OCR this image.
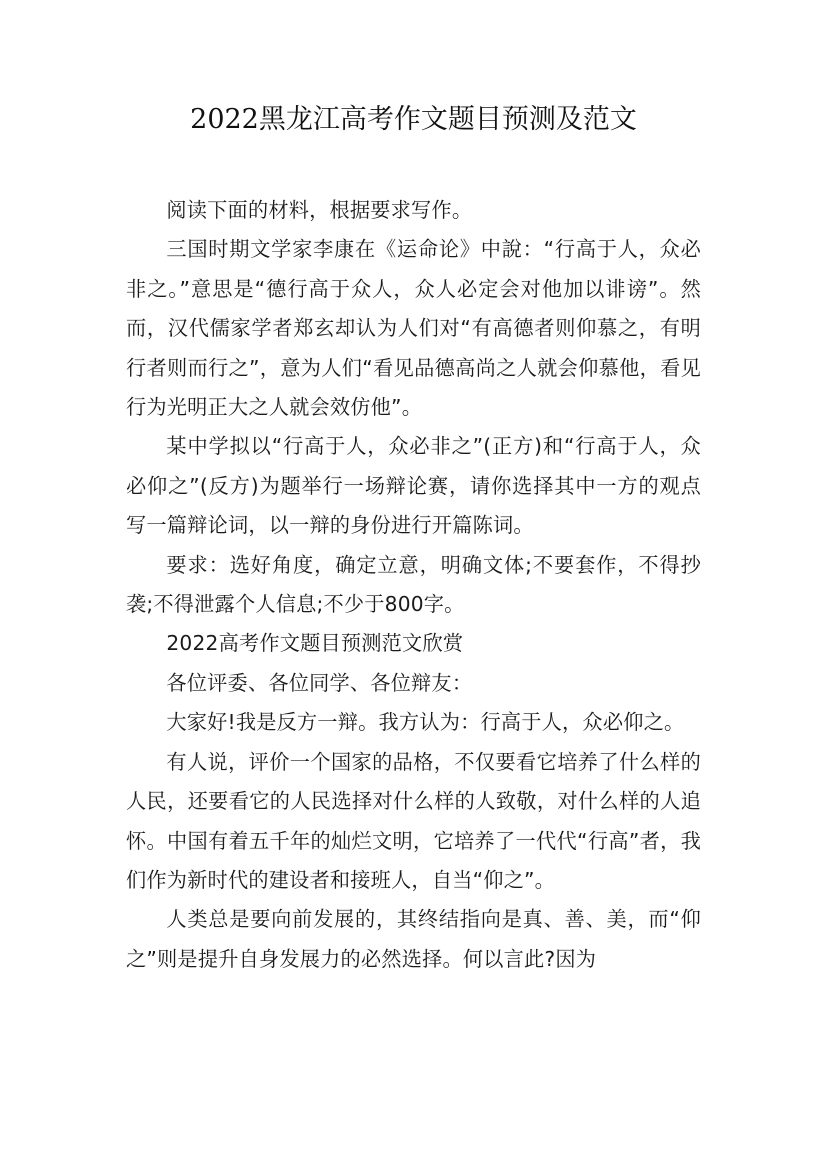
2022黑龙江高考作文题目预测及范文

阅读下面的材料，根据要求写作。

三国时期文学家李康在《运命论》中說：“行高于人，众必非之。”意思是“德行高于众人，众人必定会对他加以诽谤”。然而，汉代儒家学者郑玄却认为人们对“有高德者则仰慕之，有明行者则而行之”，意为人们“看见品德高尚之人就会仰慕他，看见行为光明正大之人就会效仿他”。

某中学拟以“行高于人，众必非之”(正方)和“行高于人，众必仰之”(反方)为题举行一场辩论赛，请你选择其中一方的观点写一篇辩论词，以一辩的身份进行开篇陈词。

要求：选好角度，确定立意，明确文体;不要套作，不得抄袭;不得泄露个人信息;不少于800字。

2022高考作文题目预测范文欣赏

各位评委、各位同学、各位辩友：

大家好!我是反方一辩。我方认为：行高于人，众必仰之。

有人说，评价一个国家的品格，不仅要看它培养了什么样的人民，还要看它的人民选择对什么样的人致敬，对什么样的人追怀。中国有着五千年的灿烂文明，它培养了一代代“行高”者，我们作为新时代的建设者和接班人，自当“仰之”。

人类总是要向前发展的，其终结指向是真、善、美，而“仰之”则是提升自身发展力的必然选择。何以言此?因为
